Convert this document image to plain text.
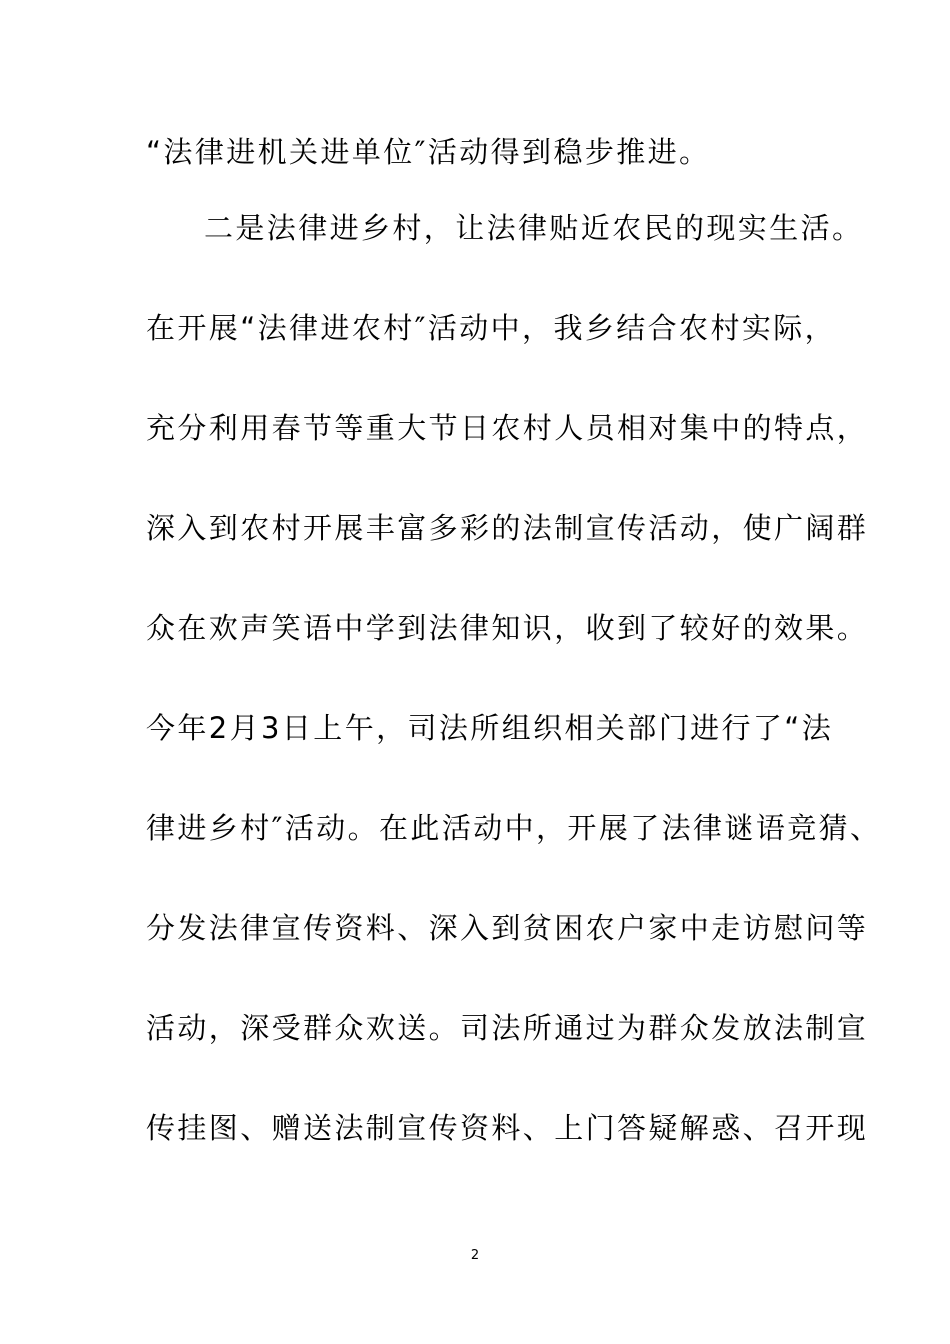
“法律进机关进单位″活动得到稳步推进。
二是法律进乡村，让法律贴近农民的现实生活。
在开展“法律进农村″活动中，我乡结合农村实际，
充分利用春节等重大节日农村人员相对集中的特点，
深入到农村开展丰富多彩的法制宣传活动，使广阔群
众在欢声笑语中学到法律知识，收到了较好的效果。
今年2月3日上午，司法所组织相关部门进行了“法
律进乡村″活动。在此活动中，开展了法律谜语竞猜、
分发法律宣传资料、深入到贫困农户家中走访慰问等
活动，深受群众欢送。司法所通过为群众发放法制宣
传挂图、赠送法制宣传资料、上门答疑解惑、召开现
2
